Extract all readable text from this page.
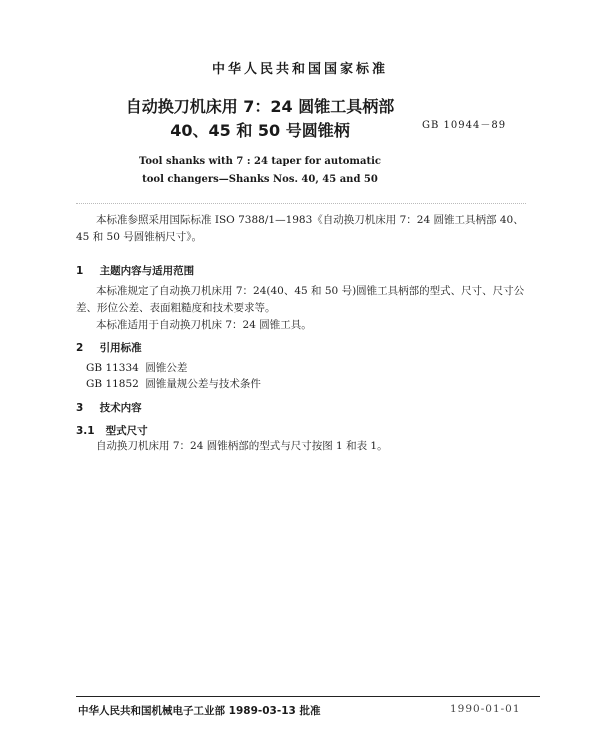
中华人民共和国国家标准
自动换刀机床用 7：24 圆锥工具柄部
40、45 和 50 号圆锥柄	GB 10944－89
Tool shanks with 7 : 24 taper for automatic
tool changers—Shanks Nos. 40, 45 and 50
本标准参照采用国际标准 ISO 7388/1—1983《自动换刀机床用 7：24 圆锥工具柄部 40、45 和 50 号圆锥柄尺寸》。
1 主题内容与适用范围
本标准规定了自动换刀机床用 7：24(40、45 和 50 号)圆锥工具柄部的型式、尺寸、尺寸公差、形位公差、表面粗糙度和技术要求等。
本标准适用于自动换刀机床 7：24 圆锥工具。
2 引用标准
GB 11334 圆锥公差
GB 11852 圆锥量规公差与技术条件
3 技术内容
3.1 型式尺寸
自动换刀机床用 7：24 圆锥柄部的型式与尺寸按图 1 和表 1。
中华人民共和国机械电子工业部 1989-03-13 批准	1990-01-01
